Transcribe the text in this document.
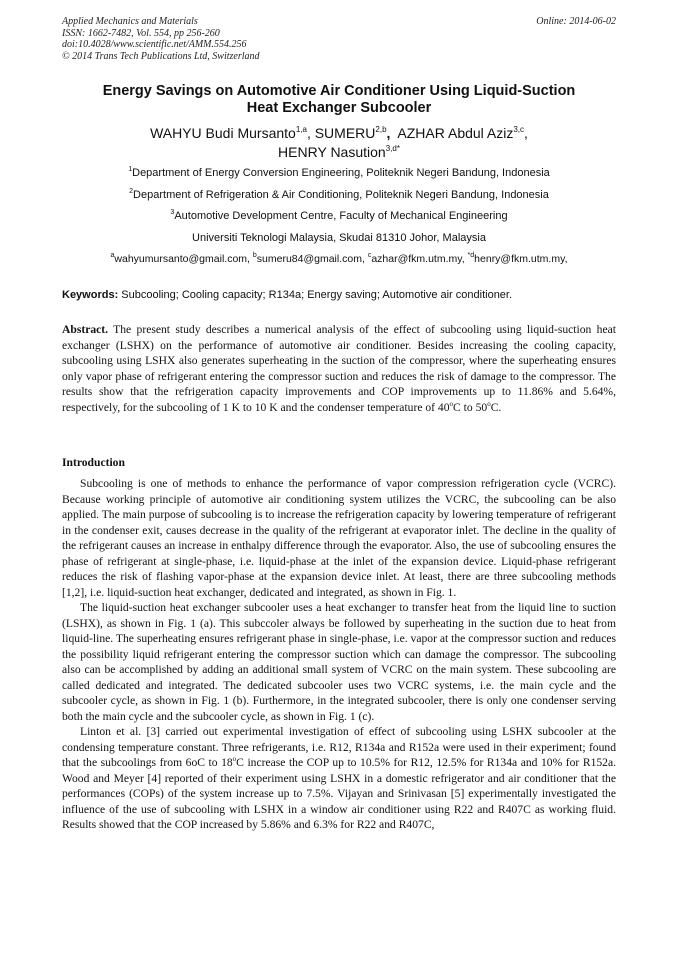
Applied Mechanics and Materials
ISSN: 1662-7482, Vol. 554, pp 256-260
doi:10.4028/www.scientific.net/AMM.554.256
© 2014 Trans Tech Publications Ltd, Switzerland
Online: 2014-06-02
Energy Savings on Automotive Air Conditioner Using Liquid-Suction
Heat Exchanger Subcooler
WAHYU Budi Mursanto$^{1,a}$, SUMERU$^{2,b}$, AZHAR Abdul Aziz$^{3,c}$,
HENRY Nasution$^{3,d*}$
$^1$Department of Energy Conversion Engineering, Politeknik Negeri Bandung, Indonesia
$^2$Department of Refrigeration & Air Conditioning, Politeknik Negeri Bandung, Indonesia
$^3$Automotive Development Centre, Faculty of Mechanical Engineering
Universiti Teknologi Malaysia, Skudai 81310 Johor, Malaysia
$^a$wahyumursanto@gmail.com, $^b$sumeru84@gmail.com, $^c$azhar@fkm.utm.my, $^{*d}$henry@fkm.utm.my,
Keywords: Subcooling; Cooling capacity; R134a; Energy saving; Automotive air conditioner.

Abstract. The present study describes a numerical analysis of the effect of subcooling using liquid-suction heat exchanger (LSHX) on the performance of automotive air conditioner. Besides increasing the cooling capacity, subcooling using LSHX also generates superheating in the suction of the compressor, where the superheating ensures only vapor phase of refrigerant entering the compressor suction and reduces the risk of damage to the compressor. The results show that the refrigeration capacity improvements and COP improvements up to 11.86% and 5.64%, respectively, for the subcooling of 1 K to 10 K and the condenser temperature of 40$^o$C to 50$^o$C.

Introduction

Subcooling is one of methods to enhance the performance of vapor compression refrigeration cycle (VCRC). Because working principle of automotive air conditioning system utilizes the VCRC, the subcooling can be also applied. The main purpose of subcooling is to increase the refrigeration capacity by lowering temperature of refrigerant in the condenser exit, causes decrease in the quality of the refrigerant at evaporator inlet. The decline in the quality of the refrigerant causes an increase in enthalpy difference through the evaporator. Also, the use of subcooling ensures the phase of refrigerant at single-phase, i.e. liquid-phase at the inlet of the expansion device. Liquid-phase refrigerant reduces the risk of flashing vapor-phase at the expansion device inlet. At least, there are three subcooling methods [1,2], i.e. liquid-suction heat exchanger, dedicated and integrated, as shown in Fig. 1.

The liquid-suction heat exchanger subcooler uses a heat exchanger to transfer heat from the liquid line to suction (LSHX), as shown in Fig. 1 (a). This subccoler always be followed by superheating in the suction due to heat from liquid-line. The superheating ensures refrigerant phase in single-phase, i.e. vapor at the compressor suction and reduces the possibility liquid refrigerant entering the compressor suction which can damage the compressor. The subcooling also can be accomplished by adding an additional small system of VCRC on the main system. These subcooling are called dedicated and integrated. The dedicated subcooler uses two VCRC systems, i.e. the main cycle and the subcooler cycle, as shown in Fig. 1 (b). Furthermore, in the integrated subcooler, there is only one condenser serving both the main cycle and the subcooler cycle, as shown in Fig. 1 (c).

Linton et al. [3] carried out experimental investigation of effect of subcooling using LSHX subcooler at the condensing temperature constant. Three refrigerants, i.e. R12, R134a and R152a were used in their experiment; found that the subcoolings from 6oC to 18$^o$C increase the COP up to 10.5% for R12, 12.5% for R134a and 10% for R152a. Wood and Meyer [4] reported of their experiment using LSHX in a domestic refrigerator and air conditioner that the performances (COPs) of the system increase up to 7.5%. Vijayan and Srinivasan [5] experimentally investigated the influence of the use of subcooling with LSHX in a window air conditioner using R22 and R407C as working fluid. Results showed that the COP increased by 5.86% and 6.3% for R22 and R407C,
